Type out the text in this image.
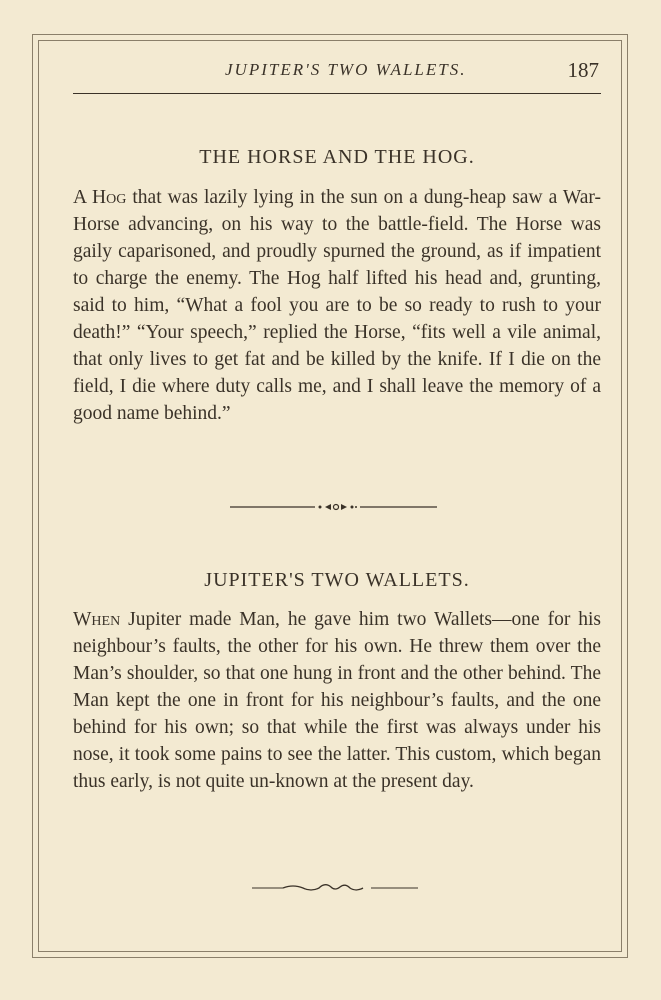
JUPITER'S TWO WALLETS.	187
THE HORSE AND THE HOG.
A Hog that was lazily lying in the sun on a dung-heap saw a War-Horse advancing, on his way to the battle-field. The Horse was gaily caparisoned, and proudly spurned the ground, as if impatient to charge the enemy. The Hog half lifted his head and, grunting, said to him, “What a fool you are to be so ready to rush to your death!” “Your speech,” replied the Horse, “fits well a vile animal, that only lives to get fat and be killed by the knife. If I die on the field, I die where duty calls me, and I shall leave the memory of a good name behind.”
JUPITER'S TWO WALLETS.
When Jupiter made Man, he gave him two Wallets—one for his neighbour’s faults, the other for his own. He threw them over the Man’s shoulder, so that one hung in front and the other behind. The Man kept the one in front for his neighbour’s faults, and the one behind for his own; so that while the first was always under his nose, it took some pains to see the latter. This custom, which began thus early, is not quite un-known at the present day.
